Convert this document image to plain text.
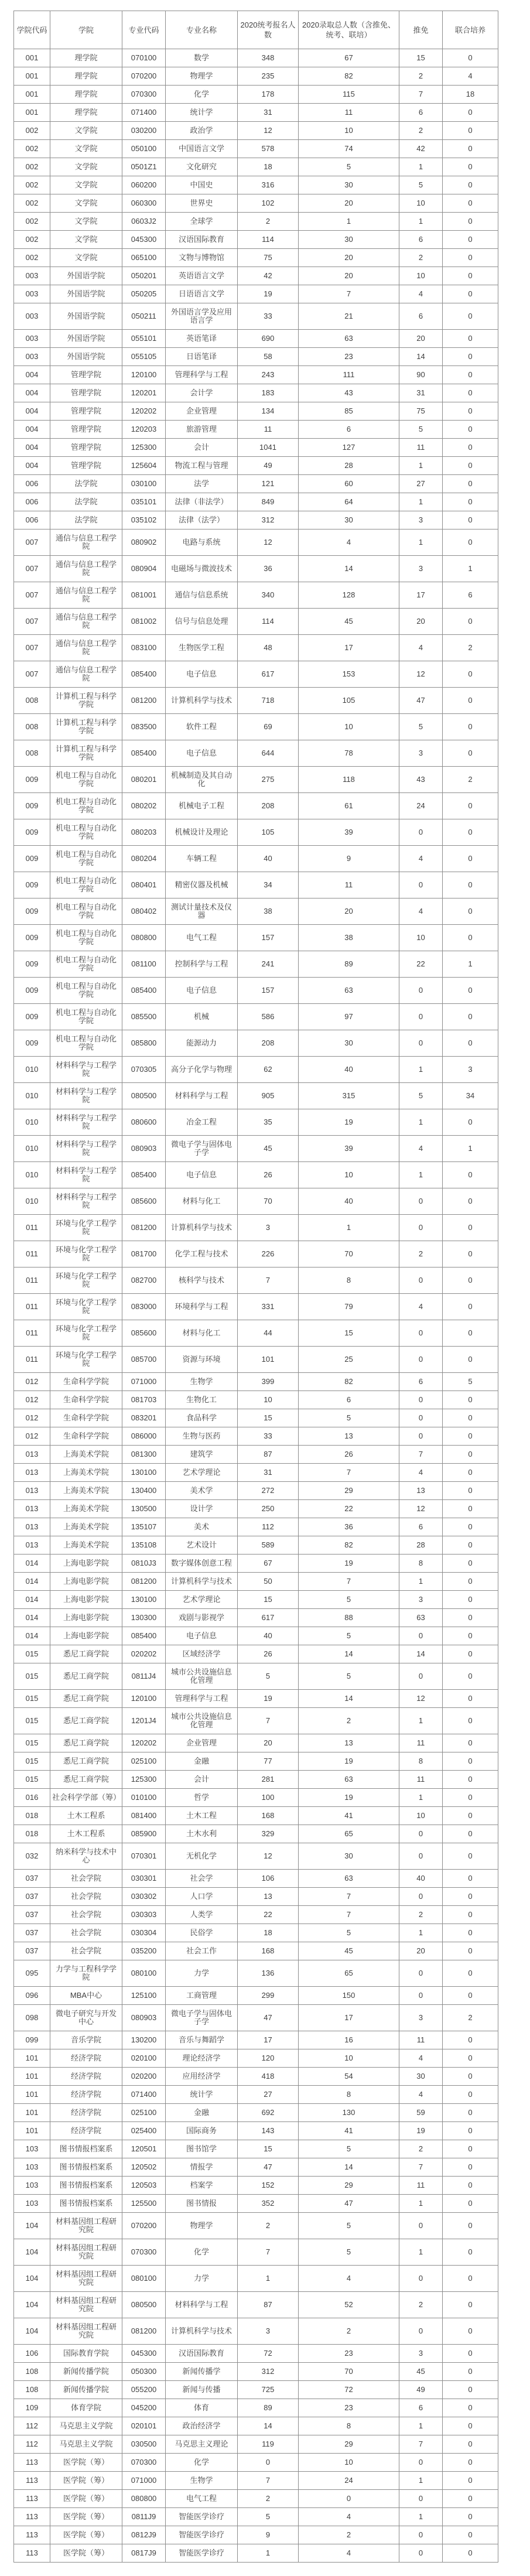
学院代码	学院	专业代码	专业名称	2020统考报名人数	2020录取总人数（含推免、统考、联培）	推免	联合培养
001	理学院	070100	数学	348	67	15	0
001	理学院	070200	物理学	235	82	2	4
001	理学院	070300	化学	178	115	7	18
001	理学院	071400	统计学	31	11	6	0
002	文学院	030200	政治学	12	10	2	0
002	文学院	050100	中国语言文学	578	74	42	0
002	文学院	0501Z1	文化研究	18	5	1	0
002	文学院	060200	中国史	316	30	5	0
002	文学院	060300	世界史	102	20	10	0
002	文学院	0603J2	全球学	2	1	1	0
002	文学院	045300	汉语国际教育	114	30	6	0
002	文学院	065100	文物与博物馆	75	20	2	0
003	外国语学院	050201	英语语言文学	42	20	10	0
003	外国语学院	050205	日语语言文学	19	7	4	0
003	外国语学院	050211	外国语言学及应用语言学	33	21	6	0
003	外国语学院	055101	英语笔译	690	63	20	0
003	外国语学院	055105	日语笔译	58	23	14	0
004	管理学院	120100	管理科学与工程	243	111	90	0
004	管理学院	120201	会计学	183	43	31	0
004	管理学院	120202	企业管理	134	85	75	0
004	管理学院	120203	旅游管理	11	6	5	0
004	管理学院	125300	会计	1041	127	11	0
004	管理学院	125604	物流工程与管理	49	28	1	0
006	法学院	030100	法学	121	60	27	0
006	法学院	035101	法律（非法学）	849	64	1	0
006	法学院	035102	法律（法学）	312	30	3	0
007	通信与信息工程学院	080902	电路与系统	12	4	1	0
007	通信与信息工程学院	080904	电磁场与微波技术	36	14	3	1
007	通信与信息工程学院	081001	通信与信息系统	340	128	17	6
007	通信与信息工程学院	081002	信号与信息处理	114	45	20	0
007	通信与信息工程学院	083100	生物医学工程	48	17	4	2
007	通信与信息工程学院	085400	电子信息	617	153	12	0
008	计算机工程与科学学院	081200	计算机科学与技术	718	105	47	0
008	计算机工程与科学学院	083500	软件工程	69	10	5	0
008	计算机工程与科学学院	085400	电子信息	644	78	3	0
009	机电工程与自动化学院	080201	机械制造及其自动化	275	118	43	2
009	机电工程与自动化学院	080202	机械电子工程	208	61	24	0
009	机电工程与自动化学院	080203	机械设计及理论	105	39	0	0
009	机电工程与自动化学院	080204	车辆工程	40	9	4	0
009	机电工程与自动化学院	080401	精密仪器及机械	34	11	0	0
009	机电工程与自动化学院	080402	测试计量技术及仪器	38	20	4	0
009	机电工程与自动化学院	080800	电气工程	157	38	10	0
009	机电工程与自动化学院	081100	控制科学与工程	241	89	22	1
009	机电工程与自动化学院	085400	电子信息	157	63	0	0
009	机电工程与自动化学院	085500	机械	586	97	0	0
009	机电工程与自动化学院	085800	能源动力	208	30	0	0
010	材料科学与工程学院	070305	高分子化学与物理	62	40	1	3
010	材料科学与工程学院	080500	材料科学与工程	905	315	5	34
010	材料科学与工程学院	080600	冶金工程	35	19	1	0
010	材料科学与工程学院	080903	微电子学与固体电子学	45	39	4	1
010	材料科学与工程学院	085400	电子信息	26	10	1	0
010	材料科学与工程学院	085600	材料与化工	70	40	0	0
011	环境与化学工程学院	081200	计算机科学与技术	3	1	0	0
011	环境与化学工程学院	081700	化学工程与技术	226	70	2	0
011	环境与化学工程学院	082700	核科学与技术	7	8	0	0
011	环境与化学工程学院	083000	环境科学与工程	331	79	4	0
011	环境与化学工程学院	085600	材料与化工	44	15	0	0
011	环境与化学工程学院	085700	资源与环境	101	25	0	0
012	生命科学学院	071000	生物学	399	82	6	5
012	生命科学学院	081703	生物化工	10	6	0	0
012	生命科学学院	083201	食品科学	15	5	0	0
012	生命科学学院	086000	生物与医药	33	13	0	0
013	上海美术学院	081300	建筑学	87	26	7	0
013	上海美术学院	130100	艺术学理论	31	7	4	0
013	上海美术学院	130400	美术学	272	29	13	0
013	上海美术学院	130500	设计学	250	22	12	0
013	上海美术学院	135107	美术	112	36	6	0
013	上海美术学院	135108	艺术设计	589	82	28	0
014	上海电影学院	0810J3	数字媒体创意工程	67	19	8	0
014	上海电影学院	081200	计算机科学与技术	50	7	1	0
014	上海电影学院	130100	艺术学理论	15	5	3	0
014	上海电影学院	130300	戏剧与影视学	617	88	63	0
014	上海电影学院	085400	电子信息	40	5	0	0
015	悉尼工商学院	020202	区域经济学	26	14	14	0
015	悉尼工商学院	0811J4	城市公共设施信息化管理	5	5	0	0
015	悉尼工商学院	120100	管理科学与工程	19	14	12	0
015	悉尼工商学院	1201J4	城市公共设施信息化管理	7	2	1	0
015	悉尼工商学院	120202	企业管理	20	13	11	0
015	悉尼工商学院	025100	金融	77	19	8	0
015	悉尼工商学院	125300	会计	281	63	11	0
016	社会科学学部（筹）	010100	哲学	100	19	1	0
018	土木工程系	081400	土木工程	168	41	10	0
018	土木工程系	085900	土木水利	329	65	0	0
032	纳米科学与技术中心	070301	无机化学	12	30	0	0
037	社会学院	030301	社会学	106	63	40	0
037	社会学院	030302	人口学	13	7	0	0
037	社会学院	030303	人类学	22	7	2	0
037	社会学院	030304	民俗学	18	5	1	0
037	社会学院	035200	社会工作	168	45	20	0
095	力学与工程科学学院	080100	力学	136	65	0	0
096	MBA中心	125100	工商管理	299	150	0	0
098	微电子研究与开发中心	080903	微电子学与固体电子学	47	17	3	2
099	音乐学院	130200	音乐与舞蹈学	17	16	11	0
101	经济学院	020100	理论经济学	120	10	4	0
101	经济学院	020200	应用经济学	418	54	30	0
101	经济学院	071400	统计学	27	8	4	0
101	经济学院	025100	金融	692	130	59	0
101	经济学院	025400	国际商务	143	41	19	0
103	图书情报档案系	120501	图书馆学	15	5	2	0
103	图书情报档案系	120502	情报学	47	14	7	0
103	图书情报档案系	120503	档案学	152	29	11	0
103	图书情报档案系	125500	图书情报	352	47	1	0
104	材料基因组工程研究院	070200	物理学	2	5	0	0
104	材料基因组工程研究院	070300	化学	7	5	1	0
104	材料基因组工程研究院	080100	力学	1	4	0	0
104	材料基因组工程研究院	080500	材料科学与工程	87	52	2	0
104	材料基因组工程研究院	081200	计算机科学与技术	3	2	0	0
106	国际教育学院	045300	汉语国际教育	72	23	3	0
108	新闻传播学院	050300	新闻传播学	312	70	45	0
108	新闻传播学院	055200	新闻与传播	725	72	49	0
109	体育学院	045200	体育	89	23	6	0
112	马克思主义学院	020101	政治经济学	14	8	1	0
112	马克思主义学院	030500	马克思主义理论	119	29	7	0
113	医学院（筹）	070300	化学	0	10	0	0
113	医学院（筹）	071000	生物学	7	24	1	0
113	医学院（筹）	080800	电气工程	2	0	0	0
113	医学院（筹）	0811J9	智能医学诊疗	5	4	1	0
113	医学院（筹）	0812J9	智能医学诊疗	9	2	0	0
113	医学院（筹）	0817J9	智能医学诊疗	1	4	0	0
